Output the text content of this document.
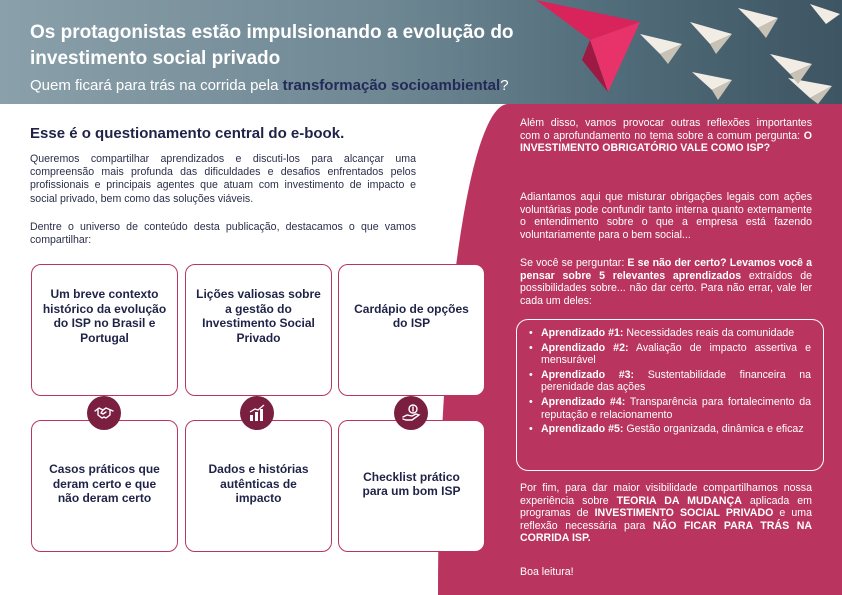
Os protagonistas estão impulsionando a evolução do investimento social privado
Quem ficará para trás na corrida pela transformação socioambiental?
Esse é o questionamento central do e-book.

Queremos compartilhar aprendizados e discuti-los para alcançar uma compreensão mais profunda das dificuldades e desafios enfrentados pelos profissionais e principais agentes que atuam com investimento de impacto e social privado, bem como das soluções viáveis.

Dentre o universo de conteúdo desta publicação, destacamos o que vamos compartilhar:

Um breve contexto histórico da evolução do ISP no Brasil e Portugal
Lições valiosas sobre a gestão do Investimento Social Privado
Cardápio de opções do ISP
Casos práticos que deram certo e que não deram certo
Dados e histórias autênticas de impacto
Checklist prático para um bom ISP

Além disso, vamos provocar outras reflexões importantes com o aprofundamento no tema sobre a comum pergunta: O INVESTIMENTO OBRIGATÓRIO VALE COMO ISP?

Adiantamos aqui que misturar obrigações legais com ações voluntárias pode confundir tanto interna quanto externamente o entendimento sobre o que a empresa está fazendo voluntariamente para o bem social...

Se você se perguntar: E se não der certo? Levamos você a pensar sobre 5 relevantes aprendizados extraídos de possibilidades sobre... não dar certo. Para não errar, vale ler cada um deles:

• Aprendizado #1: Necessidades reais da comunidade
• Aprendizado #2: Avaliação de impacto assertiva e mensurável
• Aprendizado #3: Sustentabilidade financeira na perenidade das ações
• Aprendizado #4: Transparência para fortalecimento da reputação e relacionamento
• Aprendizado #5: Gestão organizada, dinâmica e eficaz

Por fim, para dar maior visibilidade compartilhamos nossa experiência sobre TEORIA DA MUDANÇA aplicada em programas de INVESTIMENTO SOCIAL PRIVADO e uma reflexão necessária para NÃO FICAR PARA TRÁS NA CORRIDA ISP.

Boa leitura!
